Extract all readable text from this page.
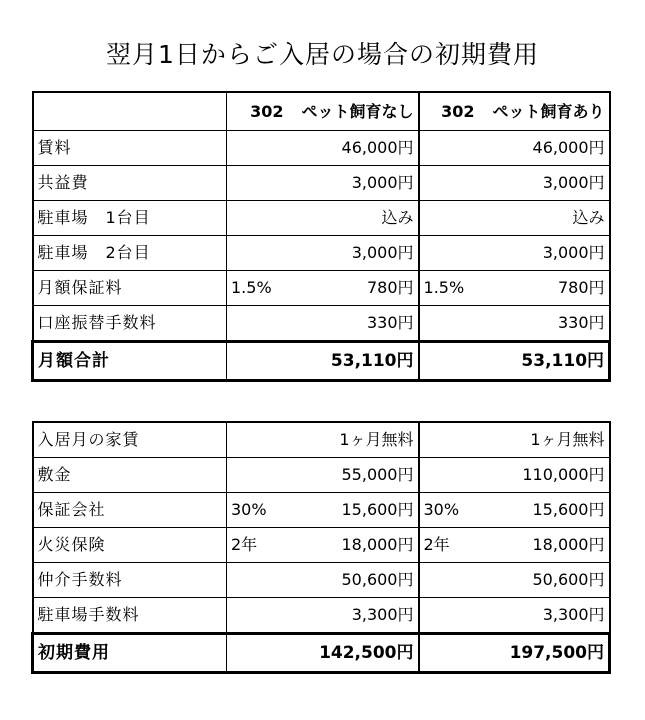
翌月1日からご入居の場合の初期費用
	302 ペット飼育なし		302 ペット飼育あり	
賃料		46,000円		46,000円
共益費		3,000円		3,000円
駐車場　1台目		込み		込み
駐車場　2台目		3,000円		3,000円
月額保証料	1.5%	780円	1.5%	780円
口座振替手数料		330円		330円
月額合計	53,110円		53,110円	
入居月の家賃		1ヶ月無料		1ヶ月無料
敷金		55,000円		110,000円
保証会社	30%	15,600円	30%	15,600円
火災保険	2年	18,000円	2年	18,000円
仲介手数料		50,600円		50,600円
駐車場手数料		3,300円		3,300円
初期費用	142,500円		197,500円	
